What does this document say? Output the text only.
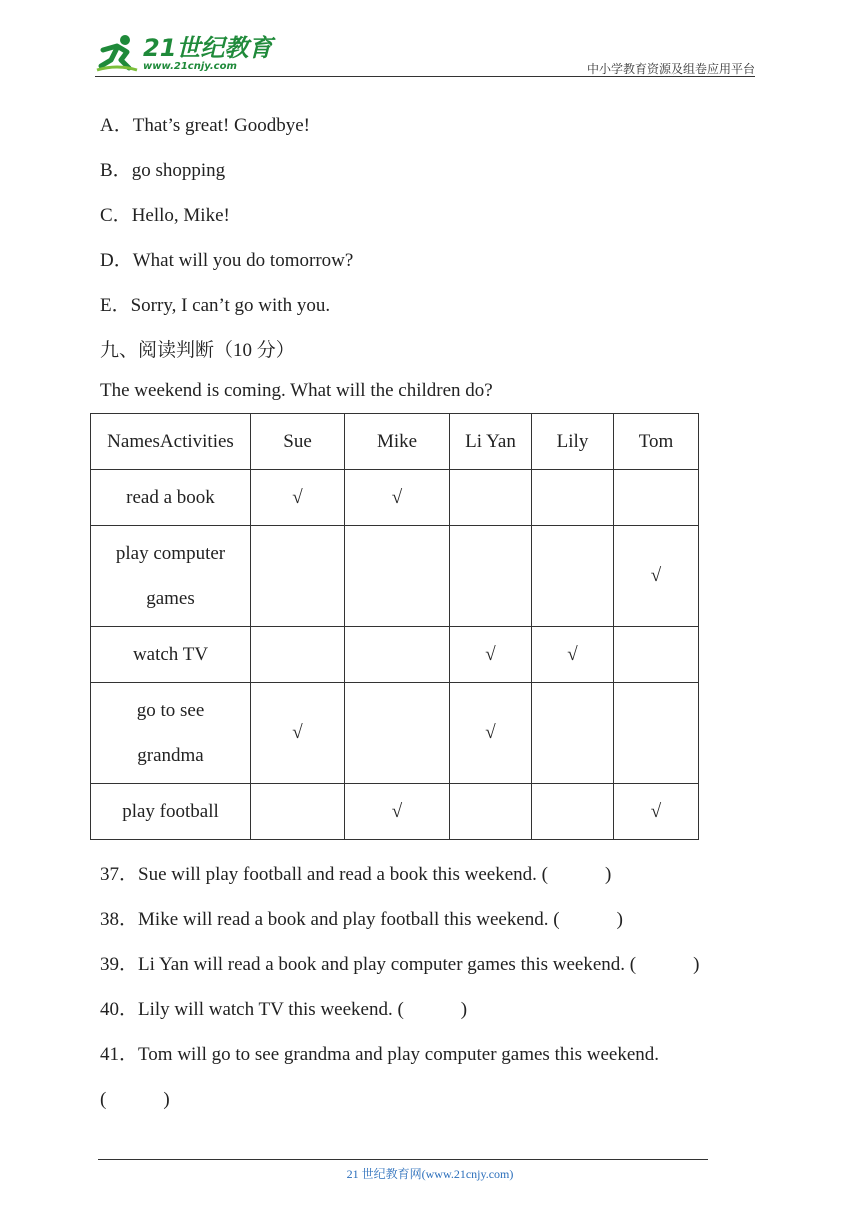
21世纪教育
www.21cnjy.com	中小学教育资源及组卷应用平台
A．That’s great! Goodbye!
B．go shopping
C．Hello, Mike!
D．What will you do tomorrow?
E．Sorry, I can’t go with you.
九、阅读判断（10 分）
The weekend is coming. What will the children do?
NamesActivities	Sue	Mike	Li Yan	Lily	Tom
read a book	√	√			

play computer
games					√
watch TV			√	√	

go to see
grandma	√		√		
play football		√			√
37．Sue will play football and read a book this weekend. (　　　)
38．Mike will read a book and play football this weekend. (　　　)
39．Li Yan will read a book and play computer games this weekend. (　　　)
40．Lily will watch TV this weekend. (　　　)
41．Tom will go to see grandma and play computer games this weekend.
(　　　)
21 世纪教育网(www.21cnjy.com)
